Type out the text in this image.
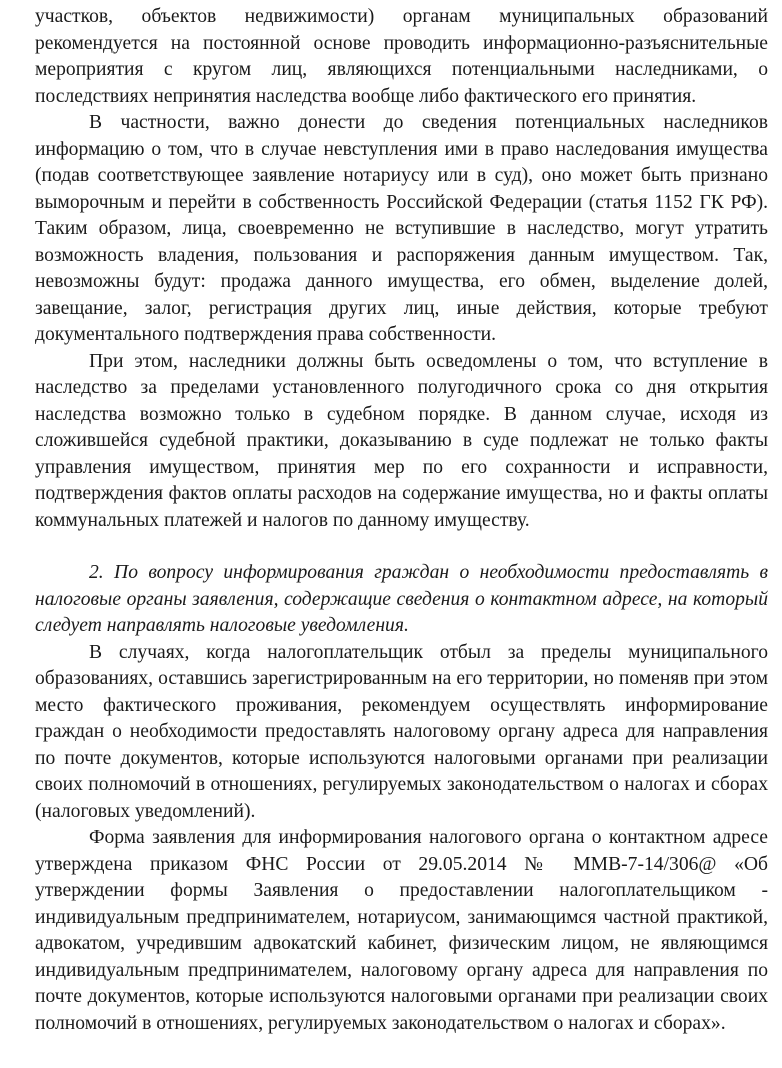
участков, объектов недвижимости) органам муниципальных образований рекомендуется на постоянной основе проводить информационно-разъяснительные мероприятия с кругом лиц, являющихся потенциальными наследниками, о последствиях непринятия наследства вообще либо фактического его принятия.

В частности, важно донести до сведения потенциальных наследников информацию о том, что в случае невступления ими в право наследования имущества (подав соответствующее заявление нотариусу или в суд), оно может быть признано выморочным и перейти в собственность Российской Федерации (статья 1152 ГК РФ). Таким образом, лица, своевременно не вступившие в наследство, могут утратить возможность владения, пользования и распоряжения данным имуществом. Так, невозможны будут: продажа данного имущества, его обмен, выделение долей, завещание, залог, регистрация других лиц, иные действия, которые требуют документального подтверждения права собственности.

При этом, наследники должны быть осведомлены о том, что вступление в наследство за пределами установленного полугодичного срока со дня открытия наследства возможно только в судебном порядке. В данном случае, исходя из сложившейся судебной практики, доказыванию в суде подлежат не только факты управления имуществом, принятия мер по его сохранности и исправности, подтверждения фактов оплаты расходов на содержание имущества, но и факты оплаты коммунальных платежей и налогов по данному имуществу.

2. По вопросу информирования граждан о необходимости предоставлять в налоговые органы заявления, содержащие сведения о контактном адресе, на который следует направлять налоговые уведомления.

В случаях, когда налогоплательщик отбыл за пределы муниципального образованиях, оставшись зарегистрированным на его территории, но поменяв при этом место фактического проживания, рекомендуем осуществлять информирование граждан о необходимости предоставлять налоговому органу адреса для направления по почте документов, которые используются налоговыми органами при реализации своих полномочий в отношениях, регулируемых законодательством о налогах и сборах (налоговых уведомлений).

Форма заявления для информирования налогового органа о контактном адресе утверждена приказом ФНС России от 29.05.2014 № ММВ-7-14/306@ «Об утверждении формы Заявления о предоставлении налогоплательщиком - индивидуальным предпринимателем, нотариусом, занимающимся частной практикой, адвокатом, учредившим адвокатский кабинет, физическим лицом, не являющимся индивидуальным предпринимателем, налоговому органу адреса для направления по почте документов, которые используются налоговыми органами при реализации своих полномочий в отношениях, регулируемых законодательством о налогах и сборах».
